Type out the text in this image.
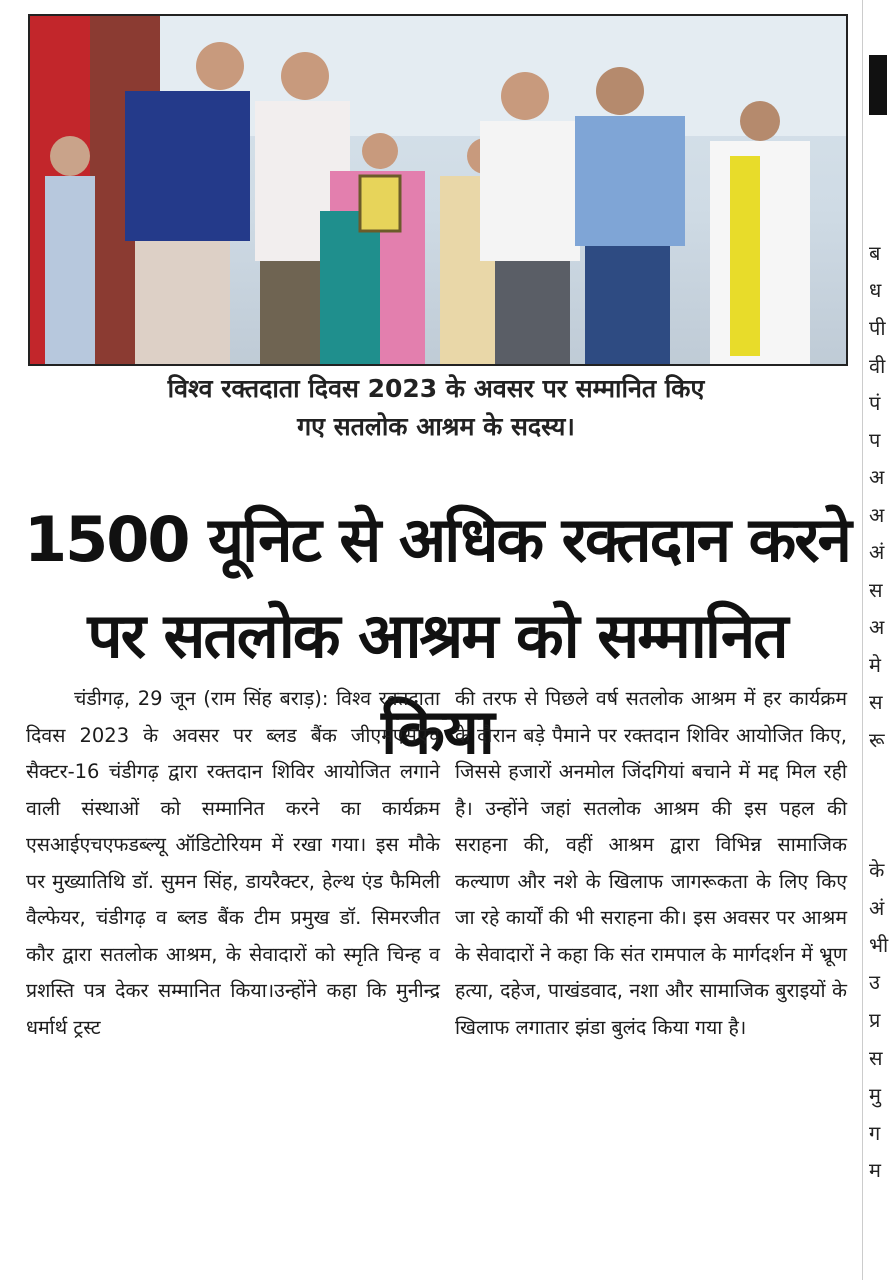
विश्व रक्तदाता दिवस 2023 के अवसर पर सम्मानित किए
गए सतलोक आश्रम के सदस्य।
1500 यूनिट से अधिक रक्तदान करने
पर सतलोक आश्रम को सम्मानित किया
चंडीगढ़, 29 जून (राम सिंह बराड़): विश्व रक्तदाता दिवस 2023 के अवसर पर ब्लड बैंक जीएमएसएच सैक्टर-16 चंडीगढ़ द्वारा रक्तदान शिविर आयोजित लगाने वाली संस्थाओं को सम्मानित करने का कार्यक्रम एसआईएचएफडब्ल्यू ऑडिटोरियम में रखा गया। इस मौके पर मुख्यातिथि डॉ. सुमन सिंह, डायरैक्टर, हेल्थ एंड फैमिली वैल्फेयर, चंडीगढ़ व ब्लड बैंक टीम प्रमुख डॉ. सिमरजीत कौर द्वारा सतलोक आश्रम, के सेवादारों को स्मृति चिन्ह व प्रशस्ति पत्र देकर सम्मानित किया।उन्होंने कहा कि मुनीन्द्र धर्मार्थ ट्रस्ट
की तरफ से पिछले वर्ष सतलोक आश्रम में हर कार्यक्रम के दौरान बड़े पैमाने पर रक्तदान शिविर आयोजित किए, जिससे हजारों अनमोल जिंदगियां बचाने में मद्द मिल रही है। उन्होंने जहां सतलोक आश्रम की इस पहल की सराहना की, वहीं आश्रम द्वारा विभिन्न सामाजिक कल्याण और नशे के खिलाफ जागरूकता के लिए किए जा रहे कार्यों की भी सराहना की। इस अवसर पर आश्रम के सेवादारों ने कहा कि संत रामपाल के मार्गदर्शन में भ्रूण हत्या, दहेज, पाखंडवाद, नशा और सामाजिक बुराइयों के खिलाफ लगातार झंडा बुलंद किया गया है।
ब
ध
पी
वी
पं
प
अ
अ
अं
स
अ
मे
स
रू
के
अं
भी
उ
प्र
स
मु
ग
म
